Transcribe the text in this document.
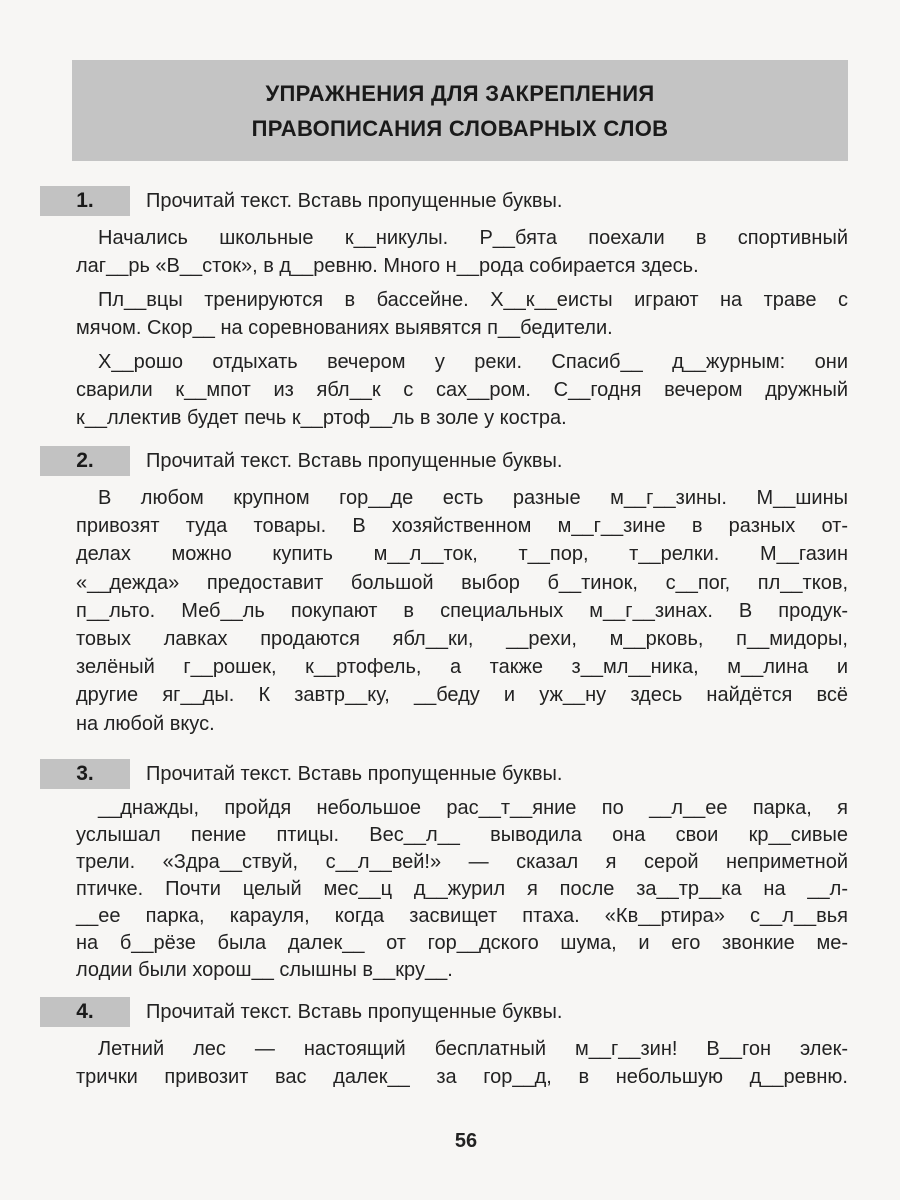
УПРАЖНЕНИЯ ДЛЯ ЗАКРЕПЛЕНИЯ
ПРАВОПИСАНИЯ СЛОВАРНЫХ СЛОВ
1.	Прочитай текст. Вставь пропущенные буквы.
Начались школьные к__никулы. Р__бята поехали в спортивный
лаг__рь «В__сток», в д__ревню. Много н__рода собирается здесь.
Пл__вцы тренируются в бассейне. Х__к__еисты играют на траве с
мячом. Скор__ на соревнованиях выявятся п__бедители.
Х__рошо отдыхать вечером у реки. Спасиб__ д__журным: они
сварили к__мпот из ябл__к с сах__ром. С__годня вечером дружный
к__ллектив будет печь к__ртоф__ль в золе у костра.
2.	Прочитай текст. Вставь пропущенные буквы.
В любом крупном гор__де есть разные м__г__зины. М__шины
привозят туда товары. В хозяйственном м__г__зине в разных от-
делах можно купить м__л__ток, т__пор, т__релки. М__газин
«__дежда» предоставит большой выбор б__тинок, с__пог, пл__тков,
п__льто. Меб__ль покупают в специальных м__г__зинах. В продук-
товых лавках продаются ябл__ки, __рехи, м__рковь, п__мидоры,
зелёный г__рошек, к__ртофель, а также з__мл__ника, м__лина и
другие яг__ды. К завтр__ку, __беду и уж__ну здесь найдётся всё
на любой вкус.
3.	Прочитай текст. Вставь пропущенные буквы.
__днажды, пройдя небольшое рас__т__яние по __л__ее парка, я
услышал пение птицы. Вес__л__ выводила она свои кр__сивые
трели. «Здра__ствуй, с__л__вей!» — сказал я серой неприметной
птичке. Почти целый мес__ц д__журил я после за__тр__ка на __л-
__ее парка, карауля, когда засвищет птаха. «Кв__ртира» с__л__вья
на б__рёзе была далек__ от гор__дского шума, и его звонкие ме-
лодии были хорош__ слышны в__кру__.
4.	Прочитай текст. Вставь пропущенные буквы.
Летний лес — настоящий бесплатный м__г__зин! В__гон элек-
трички привозит вас далек__ за гор__д, в небольшую д__ревню.
56
